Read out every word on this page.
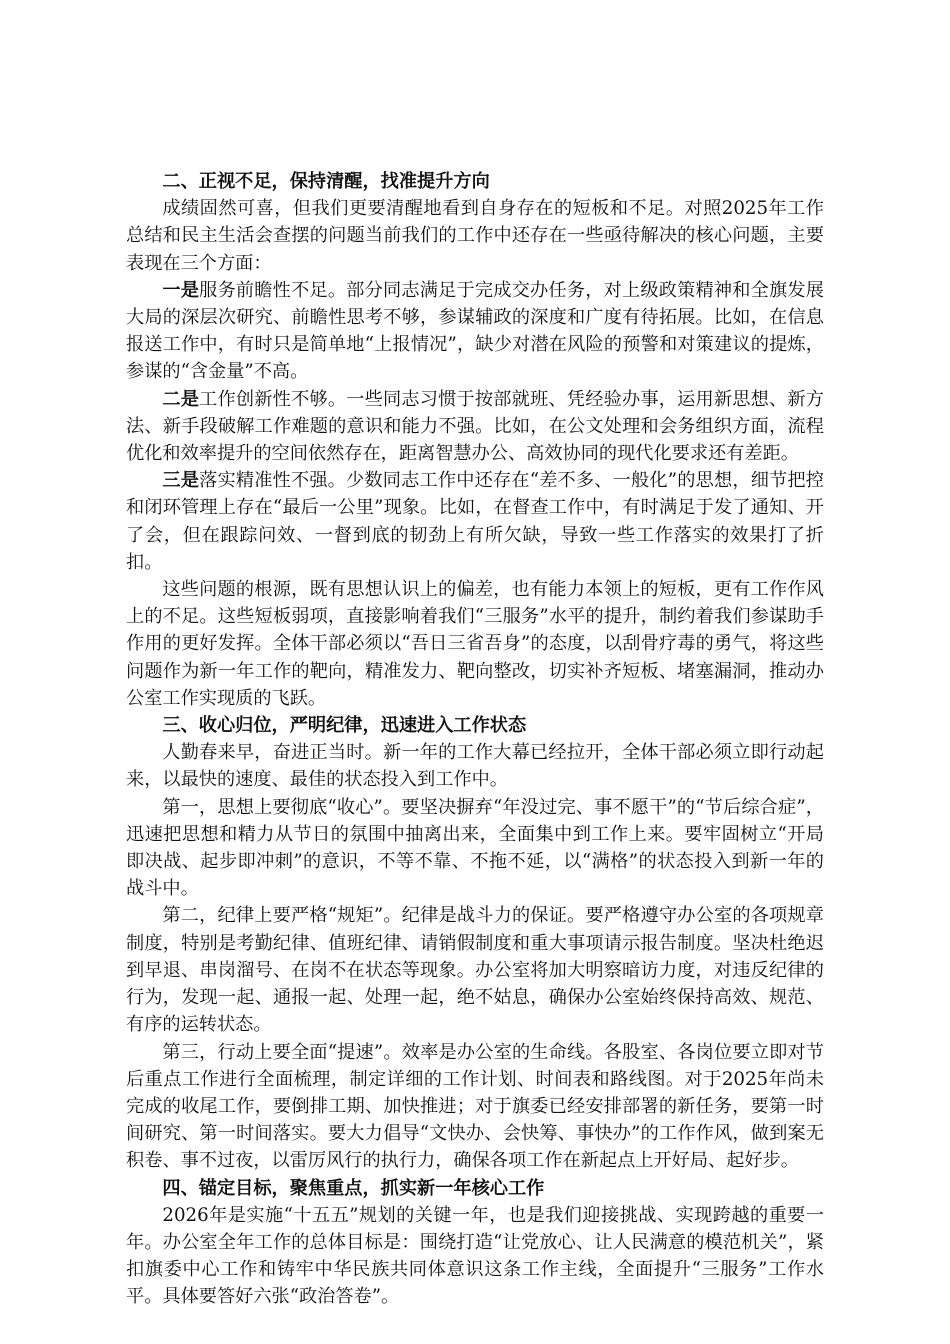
二、正视不足，保持清醒，找准提升方向

成绩固然可喜，但我们更要清醒地看到自身存在的短板和不足。对照2025年工作总结和民主生活会查摆的问题当前我们的工作中还存在一些亟待解决的核心问题，主要表现在三个方面：

一是服务前瞻性不足。部分同志满足于完成交办任务，对上级政策精神和全旗发展大局的深层次研究、前瞻性思考不够，参谋辅政的深度和广度有待拓展。比如，在信息报送工作中，有时只是简单地“上报情况”，缺少对潜在风险的预警和对策建议的提炼，参谋的“含金量”不高。

二是工作创新性不够。一些同志习惯于按部就班、凭经验办事，运用新思想、新方法、新手段破解工作难题的意识和能力不强。比如，在公文处理和会务组织方面，流程优化和效率提升的空间依然存在，距离智慧办公、高效协同的现代化要求还有差距。

三是落实精准性不强。少数同志工作中还存在“差不多、一般化”的思想，细节把控和闭环管理上存在“最后一公里”现象。比如，在督查工作中，有时满足于发了通知、开了会，但在跟踪问效、一督到底的韧劲上有所欠缺，导致一些工作落实的效果打了折扣。

这些问题的根源，既有思想认识上的偏差，也有能力本领上的短板，更有工作作风上的不足。这些短板弱项，直接影响着我们“三服务”水平的提升，制约着我们参谋助手作用的更好发挥。全体干部必须以“吾日三省吾身”的态度，以刮骨疗毒的勇气，将这些问题作为新一年工作的靶向，精准发力、靶向整改，切实补齐短板、堵塞漏洞，推动办公室工作实现质的飞跃。

三、收心归位，严明纪律，迅速进入工作状态

人勤春来早，奋进正当时。新一年的工作大幕已经拉开，全体干部必须立即行动起来，以最快的速度、最佳的状态投入到工作中。

第一，思想上要彻底“收心”。要坚决摒弃“年没过完、事不愿干”的“节后综合症”，迅速把思想和精力从节日的氛围中抽离出来，全面集中到工作上来。要牢固树立“开局即决战、起步即冲刺”的意识，不等不靠、不拖不延，以“满格”的状态投入到新一年的战斗中。

第二，纪律上要严格“规矩”。纪律是战斗力的保证。要严格遵守办公室的各项规章制度，特别是考勤纪律、值班纪律、请销假制度和重大事项请示报告制度。坚决杜绝迟到早退、串岗溜号、在岗不在状态等现象。办公室将加大明察暗访力度，对违反纪律的行为，发现一起、通报一起、处理一起，绝不姑息，确保办公室始终保持高效、规范、有序的运转状态。

第三，行动上要全面“提速”。效率是办公室的生命线。各股室、各岗位要立即对节后重点工作进行全面梳理，制定详细的工作计划、时间表和路线图。对于2025年尚未完成的收尾工作，要倒排工期、加快推进；对于旗委已经安排部署的新任务，要第一时间研究、第一时间落实。要大力倡导“文快办、会快筹、事快办”的工作作风，做到案无积卷、事不过夜，以雷厉风行的执行力，确保各项工作在新起点上开好局、起好步。

四、锚定目标，聚焦重点，抓实新一年核心工作

2026年是实施“十五五”规划的关键一年，也是我们迎接挑战、实现跨越的重要一年。办公室全年工作的总体目标是：围绕打造“让党放心、让人民满意的模范机关”，紧扣旗委中心工作和铸牢中华民族共同体意识这条工作主线，全面提升“三服务”工作水平。具体要答好六张“政治答卷”。
